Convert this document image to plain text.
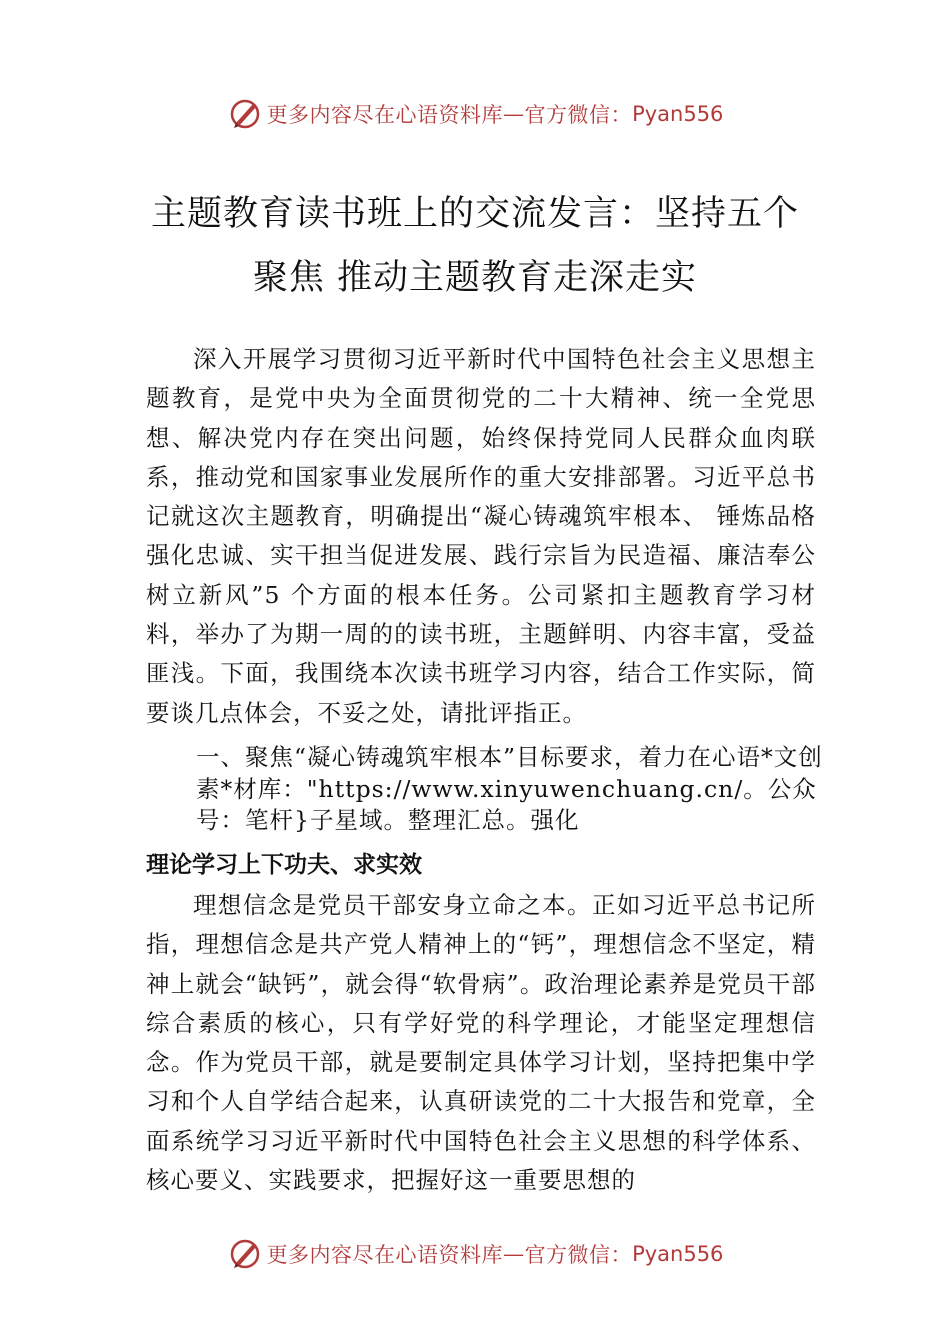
更多内容尽在心语资料库 — 官方微信： Pyan556
主题教育读书班上的交流发言：坚持五个
聚焦 推动主题教育走深走实

深入开展学习贯彻习近平新时代中国特色社会主义思想主题教育，是党中央为全面贯彻党的二十大精神、统一全党思想、解决党内存在突出问题，始终保持党同人民群众血肉联系，推动党和国家事业发展所作的重大安排部署。习近平总书记就这次主题教育，明确提出“凝心铸魂筑牢根本、 锤炼品格强化忠诚、实干担当促进发展、践行宗旨为民造福、廉洁奉公树立新风”5 个方面的根本任务。公司紧扣主题教育学习材料，举办了为期一周的的读书班，主题鲜明、内容丰富，受益匪浅。下面，我围绕本次读书班学习内容，结合工作实际，简要谈几点体会，不妥之处，请批评指正。

一、聚焦“凝心铸魂筑牢根本”目标要求，着力在心语*文创素*材库："https://www.xinyuwenchuang.cn/。公众号：笔杆}子星域。整理汇总。强化

理论学习上下功夫、求实效

理想信念是党员干部安身立命之本。正如习近平总书记所指，理想信念是共产党人精神上的“钙”，理想信念不坚定，精神上就会“缺钙”，就会得“软骨病”。政治理论素养是党员干部综合素质的核心，只有学好党的科学理论，才能坚定理想信念。作为党员干部，就是要制定具体学习计划，坚持把集中学习和个人自学结合起来，认真研读党的二十大报告和党章，全面系统学习习近平新时代中国特色社会主义思想的科学体系、核心要义、实践要求，把握好这一重要思想的

更多内容尽在心语资料库 — 官方微信： Pyan556
